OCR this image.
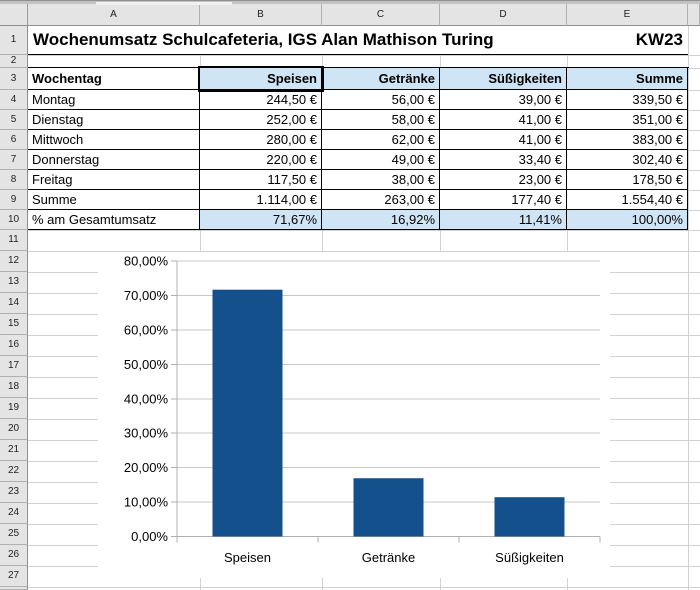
Wochenumsatz Schulcafeteria, IGS Alan Mathison Turing	KW23
A	B	C	D	E
1
2
3
4
5
6
7
8
9
10
11
12
13
14
15
16
17
18
19
20
21
22
23
24
25
26
27
Wochentag	Speisen	Getränke	Süßigkeiten	Summe
Montag	244,50 €	56,00 €	39,00 €	339,50 €
Dienstag	252,00 €	58,00 €	41,00 €	351,00 €
Mittwoch	280,00 €	62,00 €	41,00 €	383,00 €
Donnerstag	220,00 €	49,00 €	33,40 €	302,40 €
Freitag	117,50 €	38,00 €	23,00 €	178,50 €
Summe	1.114,00 €	263,00 €	177,40 €	1.554,40 €
% am Gesamtumsatz	71,67%	16,92%	11,41%	100,00%
0,00%
10,00%
20,00%
30,00%
40,00%
50,00%
60,00%
70,00%
80,00%
Speisen	Getränke	Süßigkeiten
